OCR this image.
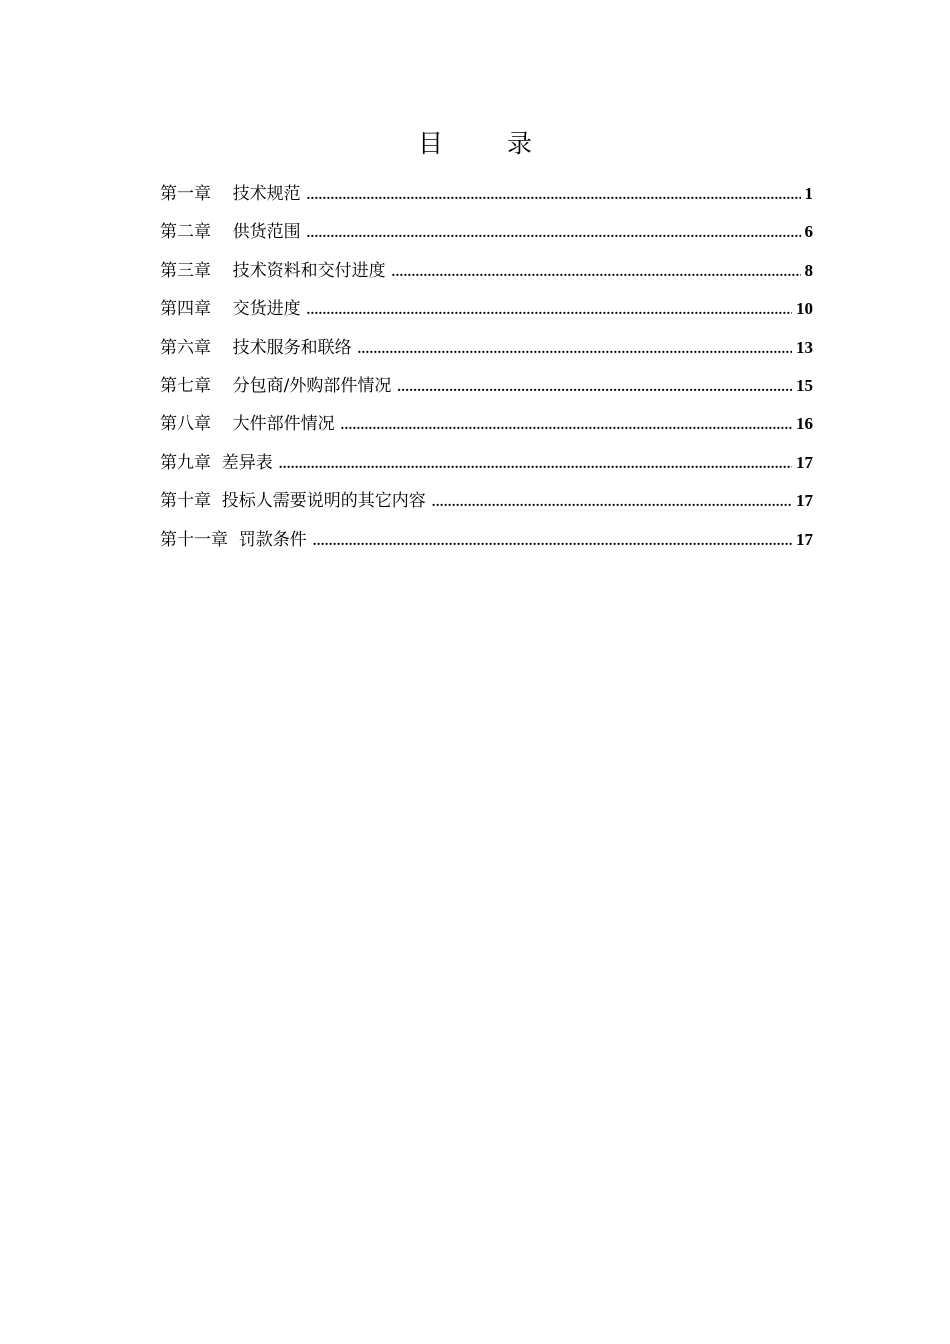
目 录
第一章    技术规范 .....	1
第二章    供货范围 .....	6
第三章    技术资料和交付进度 .....	8
第四章    交货进度 .....	10
第六章    技术服务和联络 .....	13
第七章    分包商/外购部件情况 .....	15
第八章    大件部件情况 .....	16
第九章  差异表 .....	17
第十章  投标人需要说明的其它内容 .....	17
第十一章  罚款条件 .....	17
